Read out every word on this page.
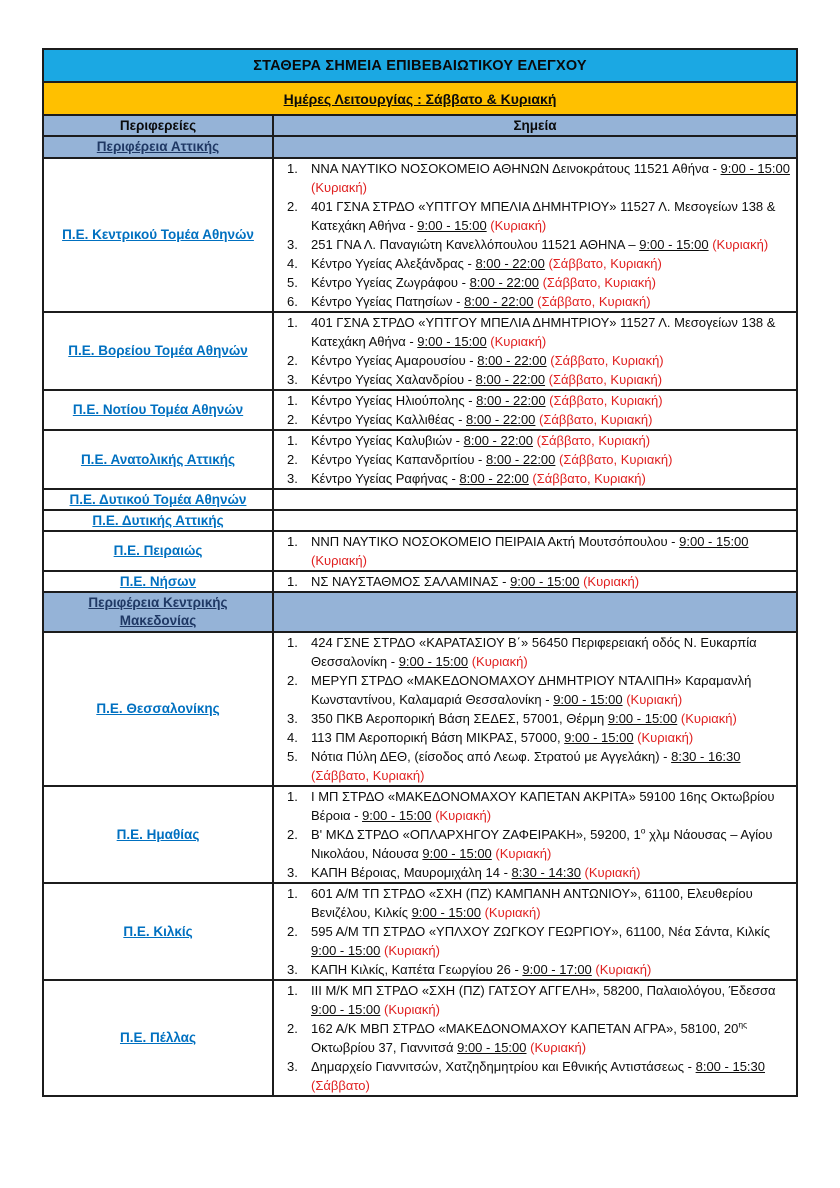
ΣΤΑΘΕΡΑ ΣΗΜΕΙΑ ΕΠΙΒΕΒΑΙΩΤΙΚΟΥ ΕΛΕΓΧΟΥ	
Ημέρες Λειτουργίας : Σάββατο & Κυριακή	
Περιφερείες	Σημεία
Περιφέρεια Αττικής	
Π.Ε. Κεντρικού Τομέα Αθηνών	
1.	ΝΝΑ ΝΑΥΤΙΚΟ ΝΟΣΟΚΟΜΕΙΟ ΑΘΗΝΩΝ Δεινοκράτους 11521 Αθήνα - 9:00 - 15:00 (Κυριακή)
2.	401 ΓΣΝΑ ΣΤΡΔΟ «ΥΠΤΓΟΥ ΜΠΕΛΙΑ ΔΗΜΗΤΡΙΟΥ» 11527 Λ. Μεσογείων 138 & Κατεχάκη Αθήνα - 9:00 - 15:00 (Κυριακή)
3.	251 ΓΝΑ Λ. Παναγιώτη Κανελλόπουλου 11521 ΑΘΗΝΑ – 9:00 - 15:00 (Κυριακή)
4.	Κέντρο Υγείας Αλεξάνδρας - 8:00 - 22:00 (Σάββατο, Κυριακή)
5.	Κέντρο Υγείας Ζωγράφου - 8:00 - 22:00 (Σάββατο, Κυριακή)
6.	Κέντρο Υγείας Πατησίων - 8:00 - 22:00 (Σάββατο, Κυριακή)

Π.Ε. Βορείου Τομέα Αθηνών	
1.	401 ΓΣΝΑ ΣΤΡΔΟ «ΥΠΤΓΟΥ ΜΠΕΛΙΑ ΔΗΜΗΤΡΙΟΥ» 11527 Λ. Μεσογείων 138 & Κατεχάκη Αθήνα - 9:00 - 15:00 (Κυριακή)
2.	Κέντρο Υγείας Αμαρουσίου - 8:00 - 22:00 (Σάββατο, Κυριακή)
3.	Κέντρο Υγείας Χαλανδρίου - 8:00 - 22:00 (Σάββατο, Κυριακή)

Π.Ε. Νοτίου Τομέα Αθηνών	1. Κέντρο Υγείας Ηλιούπολης - 8:00 - 22:00 (Σάββατο, Κυριακή)
2. Κέντρο Υγείας Καλλιθέας - 8:00 - 22:00 (Σάββατο, Κυριακή)

Π.Ε. Ανατολικής Αττικής	
1.	Κέντρο Υγείας Καλυβιών - 8:00 - 22:00 (Σάββατο, Κυριακή)
2.	Κέντρο Υγείας Καπανδριτίου - 8:00 - 22:00 (Σάββατο, Κυριακή)
3.	Κέντρο Υγείας Ραφήνας - 8:00 - 22:00 (Σάββατο, Κυριακή)

Π.Ε. Δυτικού Τομέα Αθηνών	
Π.Ε. Δυτικής Αττικής	
Π.Ε. Πειραιώς	1. ΝΝΠ ΝΑΥΤΙΚΟ ΝΟΣΟΚΟΜΕΙΟ ΠΕΙΡΑΙΑ Ακτή Μουτσόπουλου - 9:00 - 15:00 (Κυριακή)

Π.Ε. Νήσων	1. ΝΣ ΝΑΥΣΤΑΘΜΟΣ ΣΑΛΑΜΙΝΑΣ - 9:00 - 15:00 (Κυριακή)

Περιφέρεια Κεντρικής Μακεδονίας	
Π.Ε. Θεσσαλονίκης	
1.	424 ΓΣΝΕ ΣΤΡΔΟ «ΚΑΡΑΤΑΣΙΟΥ Β΄» 56450 Περιφερειακή οδός Ν. Ευκαρπία Θεσσαλονίκη - 9:00 - 15:00 (Κυριακή)
2.	ΜΕΡΥΠ ΣΤΡΔΟ «ΜΑΚΕΔΟΝΟΜΑΧΟΥ ΔΗΜΗΤΡΙΟΥ ΝΤΑΛΙΠΗ» Καραμανλή Κωνσταντίνου, Καλαμαριά Θεσσαλονίκη - 9:00 - 15:00 (Κυριακή)
3.	350 ΠΚΒ Αεροπορική Βάση ΣΕΔΕΣ, 57001, Θέρμη 9:00 - 15:00 (Κυριακή)
4.	113 ΠΜ Αεροπορική Βάση ΜΙΚΡΑΣ, 57000, 9:00 - 15:00 (Κυριακή)
5.	Νότια Πύλη ΔΕΘ, (είσοδος από Λεωφ. Στρατού με Αγγελάκη) - 8:30 - 16:30 (Σάββατο, Κυριακή)

Π.Ε. Ημαθίας	
1.	Ι ΜΠ ΣΤΡΔΟ «ΜΑΚΕΔΟΝΟΜΑΧΟΥ ΚΑΠΕΤΑΝ ΑΚΡΙΤΑ» 59100 16ης Οκτωβρίου Βέροια - 9:00 - 15:00 (Κυριακή)
2.	Β' ΜΚΔ ΣΤΡΔΟ «ΟΠΛΑΡΧΗΓΟΥ ΖΑΦΕΙΡΑΚΗ», 59200, $1^o$ χλμ Νάουσας – Αγίου Νικολάου, Νάουσα 9:00 - 15:00 (Κυριακή)
3.	ΚΑΠΗ Βέροιας, Μαυρομιχάλη 14 - 8:30 - 14:30 (Κυριακή)

Π.Ε. Κιλκίς	
1.	601 Α/Μ ΤΠ ΣΤΡΔΟ «ΣΧΗ (ΠΖ) ΚΑΜΠΑΝΗ ΑΝΤΩΝΙΟΥ», 61100, Ελευθερίου Βενιζέλου, Κιλκίς 9:00 - 15:00 (Κυριακή)
2.	595 Α/Μ ΤΠ ΣΤΡΔΟ «ΥΠΛΧΟΥ ΖΩΓΚΟΥ ΓΕΩΡΓΙΟΥ», 61100, Νέα Σάντα, Κιλκίς 9:00 - 15:00 (Κυριακή)
3.	ΚΑΠΗ Κιλκίς, Καπέτα Γεωργίου 26 - 9:00 - 17:00 (Κυριακή)

Π.Ε. Πέλλας	
1.	ΙΙΙ Μ/Κ ΜΠ ΣΤΡΔΟ «ΣΧΗ (ΠΖ) ΓΑΤΣΟΥ ΑΓΓΕΛΗ», 58200, Παλαιολόγου, Έδεσσα 9:00 - 15:00 (Κυριακή)
2.	162 Α/Κ ΜΒΠ ΣΤΡΔΟ «ΜΑΚΕΔΟΝΟΜΑΧΟΥ ΚΑΠΕΤΑΝ ΑΓΡΑ», 58100, $20^{\eta\varsigma}$ Οκτωβρίου 37, Γιαννιτσά 9:00 - 15:00 (Κυριακή)
3.	Δημαρχείο Γιαννιτσών, Χατζηδημητρίου και Εθνικής Αντιστάσεως - 8:00 - 15:30 (Σάββατο)
